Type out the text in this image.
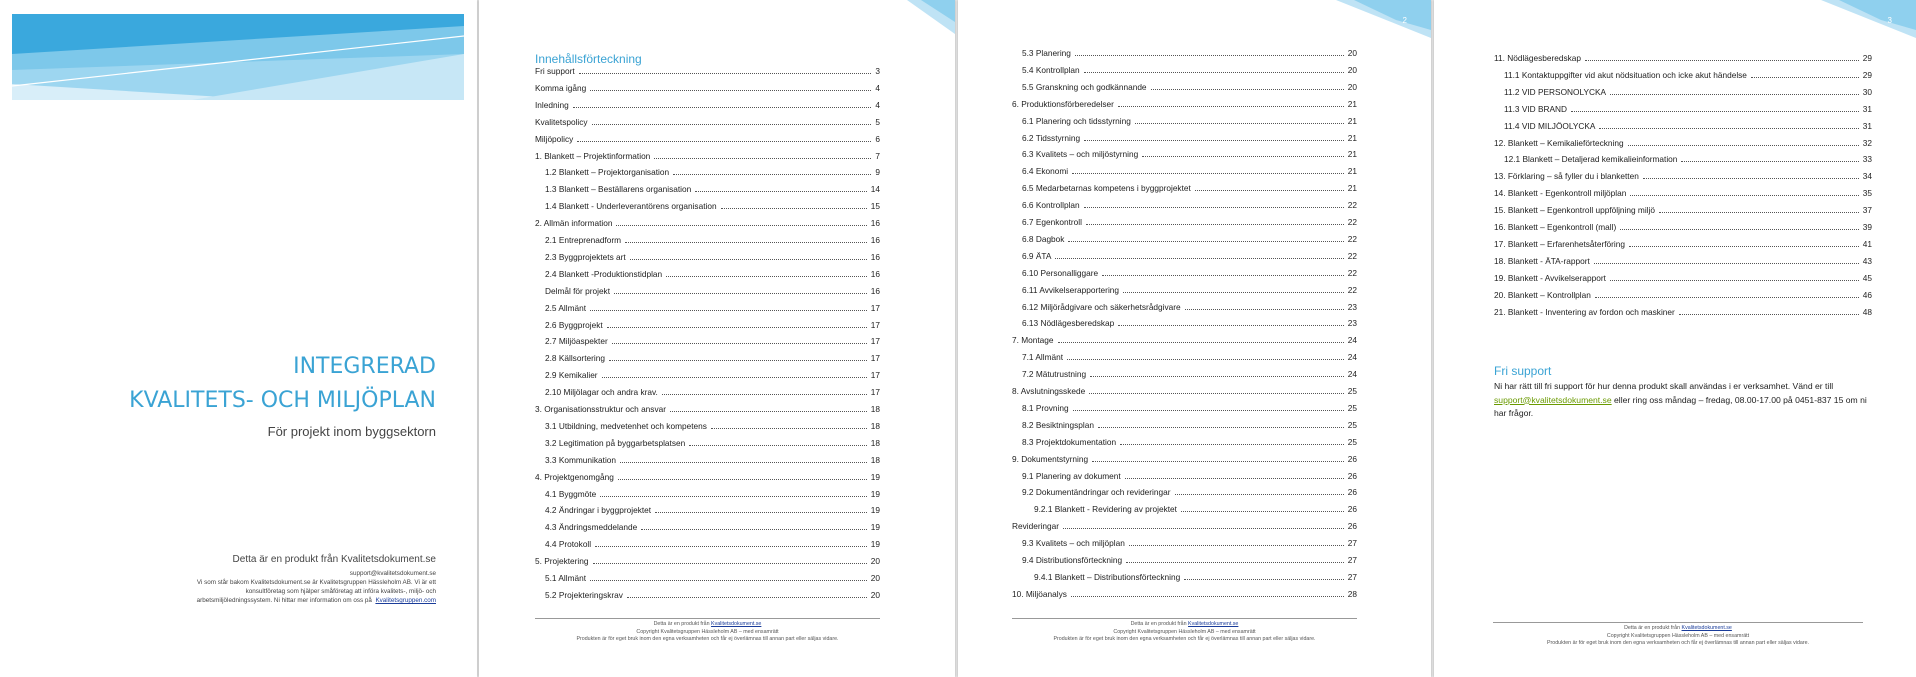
INTEGRERAD
KVALITETS- OCH MILJÖPLAN
För projekt inom byggsektorn
Detta är en produkt från Kvalitetsdokument.se
support@kvalitetsdokument.se
Vi som står bakom Kvalitetsdokument.se är Kvalitetsgruppen Hässleholm AB. Vi är ett
konsultföretag som hjälper småföretag att införa kvalitets-, miljö- och
arbetsmiljöledningssystem. Ni hittar mer information om oss på Kvalitetsgruppen.com
Innehållsförteckning
Fri support	3
Komma igång	4
Inledning	4
Kvalitetspolicy	5
Miljöpolicy	6
1. Blankett – Projektinformation	7
1.2 Blankett – Projektorganisation	9
1.3 Blankett – Beställarens organisation	14
1.4 Blankett - Underleverantörens organisation	15
2. Allmän information	16
2.1 Entreprenadform	16
2.3 Byggprojektets art	16
2.4 Blankett -Produktionstidplan	16
Delmål för projekt	16
2.5 Allmänt	17
2.6 Byggprojekt	17
2.7 Miljöaspekter	17
2.8 Källsortering	17
2.9 Kemikalier	17
2.10 Miljölagar och andra krav.	17
3. Organisationsstruktur och ansvar	18
3.1 Utbildning, medvetenhet och kompetens	18
3.2 Legitimation på byggarbetsplatsen	18
3.3 Kommunikation	18
4. Projektgenomgång	19
4.1 Byggmöte	19
4.2 Ändringar i byggprojektet	19
4.3 Ändringsmeddelande	19
4.4 Protokoll	19
5. Projektering	20
5.1 Allmänt	20
5.2 Projekteringskrav	20
Detta är en produkt från Kvalitetsdokument.se
Copyright Kvalitetsgruppen Hässleholm AB – med ensamrätt
Produkten är för eget bruk inom den egna verksamheten och får ej överlämnas till annan part eller säljas vidare.
2
5.3 Planering	20
5.4 Kontrollplan	20
5.5 Granskning och godkännande	20
6. Produktionsförberedelser	21
6.1 Planering och tidsstyrning	21
6.2 Tidsstyrning	21
6.3 Kvalitets – och miljöstyrning	21
6.4 Ekonomi	21
6.5 Medarbetarnas kompetens i byggprojektet	21
6.6 Kontrollplan	22
6.7 Egenkontroll	22
6.8 Dagbok	22
6.9 ÄTA	22
6.10 Personalliggare	22
6.11 Avvikelserapportering	22
6.12 Miljörådgivare och säkerhetsrådgivare	23
6.13 Nödlägesberedskap	23
7. Montage	24
7.1 Allmänt	24
7.2 Mätutrustning	24
8. Avslutningsskede	25
8.1 Provning	25
8.2 Besiktningsplan	25
8.3 Projektdokumentation	25
9. Dokumentstyrning	26
9.1 Planering av dokument	26
9.2 Dokumentändringar och revideringar	26
9.2.1 Blankett - Revidering av projektet	26
Revideringar	26
9.3 Kvalitets – och miljöplan	27
9.4 Distributionsförteckning	27
9.4.1 Blankett – Distributionsförteckning	27
10. Miljöanalys	28
Detta är en produkt från Kvalitetsdokument.se
Copyright Kvalitetsgruppen Hässleholm AB – med ensamrätt
Produkten är för eget bruk inom den egna verksamheten och får ej överlämnas till annan part eller säljas vidare.
3
11. Nödlägesberedskap	29
11.1 Kontaktuppgifter vid akut nödsituation och icke akut händelse	29
11.2 VID PERSONOLYCKA	30
11.3 VID BRAND	31
11.4 VID MILJÖOLYCKA	31
12. Blankett – Kemikalieförteckning	32
12.1 Blankett – Detaljerad kemikalieinformation	33
13. Förklaring – så fyller du i blanketten	34
14. Blankett - Egenkontroll miljöplan	35
15. Blankett – Egenkontroll uppföljning miljö	37
16. Blankett – Egenkontroll (mall)	39
17. Blankett – Erfarenhetsåterföring	41
18. Blankett - ÄTA-rapport	43
19. Blankett - Avvikelserapport	45
20. Blankett – Kontrollplan	46
21. Blankett - Inventering av fordon och maskiner	48
Fri support
Ni har rätt till fri support för hur denna produkt skall användas i er verksamhet. Vänd er till support@kvalitetsdokument.se eller ring oss måndag – fredag, 08.00-17.00 på 0451-837 15 om ni har frågor.
Detta är en produkt från Kvalitetsdokument.se
Copyright Kvalitetsgruppen Hässleholm AB – med ensamrätt
Produkten är för eget bruk inom den egna verksamheten och får ej överlämnas till annan part eller säljas vidare.
